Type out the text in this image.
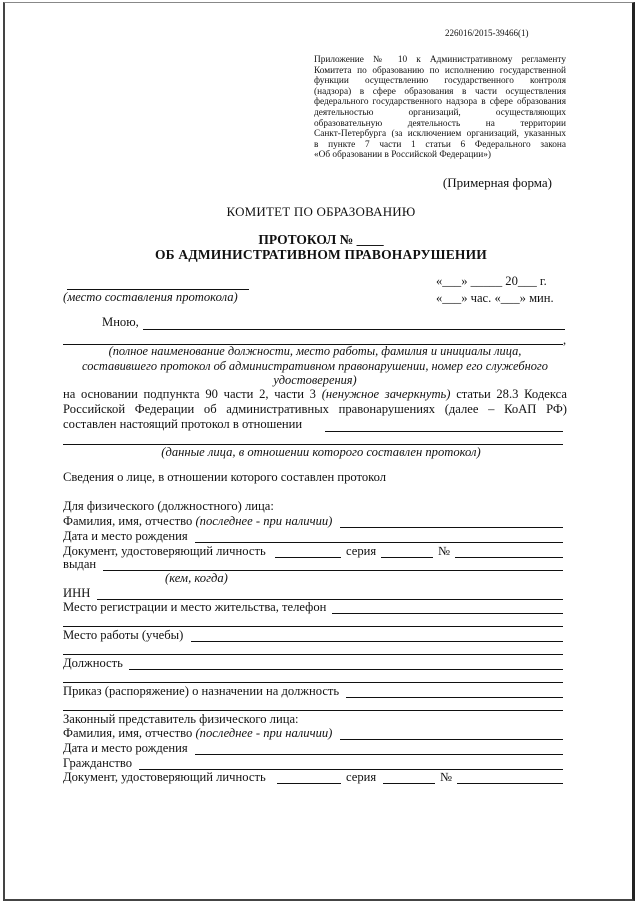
226016/2015-39466(1)
Приложение № 10 к Административному регламенту
Комитета по образованию по исполнению государственной
функции осуществлению государственного контроля
(надзора) в сфере образования в части осуществления
федерального государственного надзора в сфере образования
деятельностью организаций, осуществляющих
образовательную деятельность на территории
Санкт-Петербурга (за исключением организаций, указанных
в пункте 7 части 1 статьи 6 Федерального закона
«Об образовании в Российской Федерации»)
(Примерная форма)
КОМИТЕТ ПО ОБРАЗОВАНИЮ
ПРОТОКОЛ № ____
ОБ АДМИНИСТРАТИВНОМ ПРАВОНАРУШЕНИИ
(место составления протокола)
«___» _____ 20___ г.
«___» час. «___» мин.
Мною,
,
(полное наименование должности, место работы, фамилия и инициалы лица,
составившего протокол об административном правонарушении, номер его служебного
удостоверения)
на основании подпункта 90 части 2, части 3 (ненужное зачеркнуть) статьи 28.3 Кодекса
Российской Федерации об административных правонарушениях (далее – КоАП РФ)
составлен настоящий протокол в отношении
(данные лица, в отношении которого составлен протокол)
Сведения о лице, в отношении которого составлен протокол
Для физического (должностного) лица:
Фамилия, имя, отчество (последнее - при наличии)
Дата и место рождения
Документ, удостоверяющий личность	серия	№
выдан
(кем, когда)
ИНН
Место регистрации и место жительства, телефон
Место работы (учебы)
Должность
Приказ (распоряжение) о назначении на должность
Законный представитель физического лица:
Фамилия, имя, отчество (последнее - при наличии)
Дата и место рождения
Гражданство
Документ, удостоверяющий личность	серия	№
